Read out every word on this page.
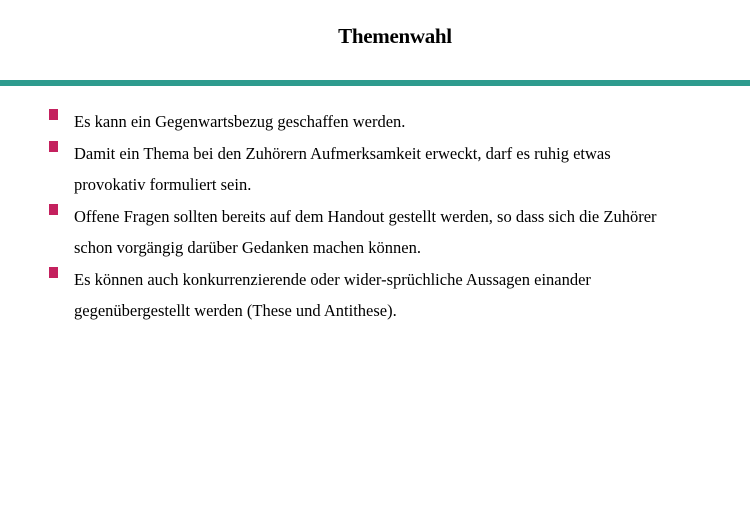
Themenwahl
Es kann ein Gegenwartsbezug geschaffen werden.
Damit ein Thema bei den Zuhörern Aufmerksamkeit erweckt, darf es ruhig etwas provokativ formuliert sein.
Offene Fragen sollten bereits auf dem Handout gestellt werden, so dass sich die Zuhörer schon vorgängig darüber Gedanken machen können.
Es können auch konkurrenzierende oder wider-sprüchliche Aussagen einander gegenübergestellt werden (These und Antithese).
